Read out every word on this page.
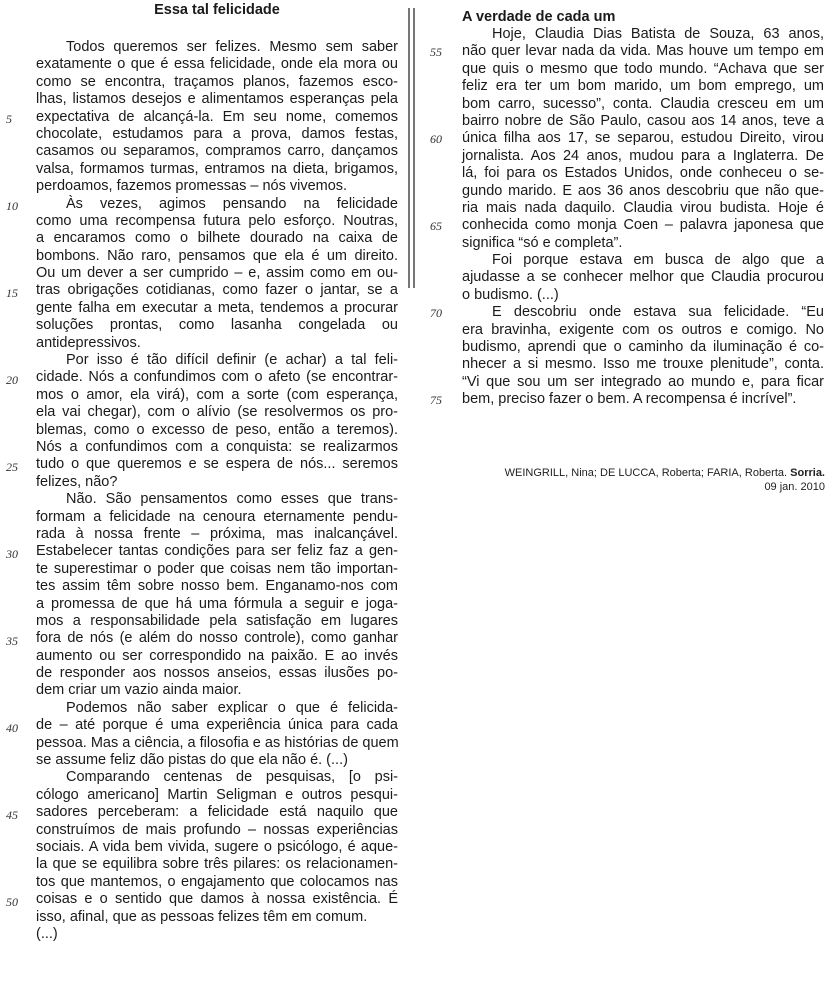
Essa tal felicidade
Todos queremos ser felizes. Mesmo sem saber
exatamente o que é essa felicidade, onde ela mora ou
como se encontra, traçamos planos, fazemos esco-
lhas, listamos desejos e alimentamos esperanças pela
expectativa de alcançá-la. Em seu nome, comemos
chocolate, estudamos para a prova, damos festas,
casamos ou separamos, compramos carro, dançamos
valsa, formamos turmas, entramos na dieta, brigamos,
perdoamos, fazemos promessas – nós vivemos.
Às vezes, agimos pensando na felicidade
como uma recompensa futura pelo esforço. Noutras,
a encaramos como o bilhete dourado na caixa de
bombons. Não raro, pensamos que ela é um direito.
Ou um dever a ser cumprido – e, assim como em ou-
tras obrigações cotidianas, como fazer o jantar, se a
gente falha em executar a meta, tendemos a procurar
soluções prontas, como lasanha congelada ou
antidepressivos.
Por isso é tão difícil definir (e achar) a tal feli-
cidade. Nós a confundimos com o afeto (se encontrar-
mos o amor, ela virá), com a sorte (com esperança,
ela vai chegar), com o alívio (se resolvermos os pro-
blemas, como o excesso de peso, então a teremos).
Nós a confundimos com a conquista: se realizarmos
tudo o que queremos e se espera de nós... seremos
felizes, não?
Não. São pensamentos como esses que trans-
formam a felicidade na cenoura eternamente pendu-
rada à nossa frente – próxima, mas inalcançável.
Estabelecer tantas condições para ser feliz faz a gen-
te superestimar o poder que coisas nem tão importan-
tes assim têm sobre nosso bem. Enganamo-nos com
a promessa de que há uma fórmula a seguir e joga-
mos a responsabilidade pela satisfação em lugares
fora de nós (e além do nosso controle), como ganhar
aumento ou ser correspondido na paixão. E ao invés
de responder aos nossos anseios, essas ilusões po-
dem criar um vazio ainda maior.
Podemos não saber explicar o que é felicida-
de – até porque é uma experiência única para cada
pessoa. Mas a ciência, a filosofia e as histórias de quem
se assume feliz dão pistas do que ela não é. (...)
Comparando centenas de pesquisas, [o psi-
cólogo americano] Martin Seligman e outros pesqui-
sadores perceberam: a felicidade está naquilo que
construímos de mais profundo – nossas experiências
sociais. A vida bem vivida, sugere o psicólogo, é aque-
la que se equilibra sobre três pilares: os relacionamen-
tos que mantemos, o engajamento que colocamos nas
coisas e o sentido que damos à nossa existência. É
isso, afinal, que as pessoas felizes têm em comum.
(...)
A verdade de cada um
Hoje, Claudia Dias Batista de Souza, 63 anos,
não quer levar nada da vida. Mas houve um tempo em
que quis o mesmo que todo mundo. “Achava que ser
feliz era ter um bom marido, um bom emprego, um
bom carro, sucesso”, conta. Claudia cresceu em um
bairro nobre de São Paulo, casou aos 14 anos, teve a
única filha aos 17, se separou, estudou Direito, virou
jornalista. Aos 24 anos, mudou para a Inglaterra. De
lá, foi para os Estados Unidos, onde conheceu o se-
gundo marido. E aos 36 anos descobriu que não que-
ria mais nada daquilo. Claudia virou budista. Hoje é
conhecida como monja Coen – palavra japonesa que
significa “só e completa”.
Foi porque estava em busca de algo que a
ajudasse a se conhecer melhor que Claudia procurou
o budismo. (...)
E descobriu onde estava sua felicidade. “Eu
era bravinha, exigente com os outros e comigo. No
budismo, aprendi que o caminho da iluminação é co-
nhecer a si mesmo. Isso me trouxe plenitude”, conta.
“Vi que sou um ser integrado ao mundo e, para ficar
bem, preciso fazer o bem. A recompensa é incrível”.
WEINGRILL, Nina; DE LUCCA, Roberta; FARIA, Roberta. Sorria.
09 jan. 2010
5
10
15
20
25
30
35
40
45
50
55
60
65
70
75
